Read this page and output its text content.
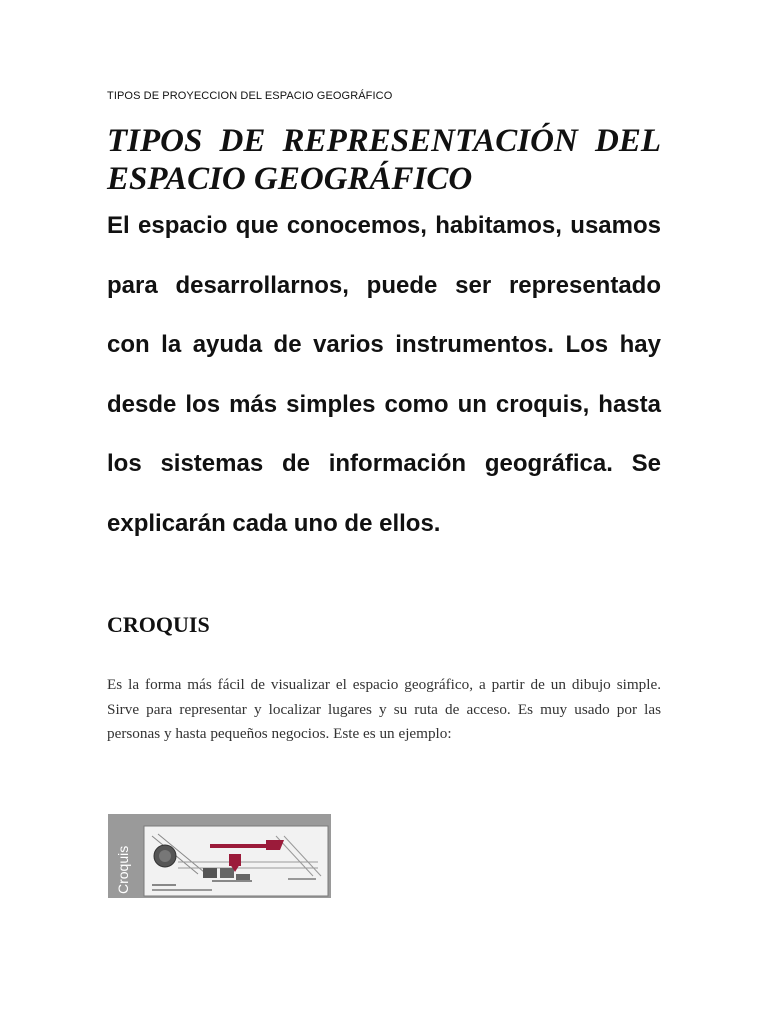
TIPOS DE PROYECCION DEL ESPACIO GEOGRÁFICO
TIPOS DE REPRESENTACIÓN DEL ESPACIO GEOGRÁFICO

El espacio que conocemos, habitamos, usamos para desarrollarnos, puede ser representado con la ayuda de varios instrumentos. Los hay desde los más simples como un croquis, hasta los sistemas de información geográfica. Se explicarán cada uno de ellos.

CROQUIS

Es la forma más fácil de visualizar el espacio geográfico, a partir de un dibujo simple. Sirve para representar y localizar lugares y su ruta de acceso. Es muy usado por las personas y hasta pequeños negocios. Este es un ejemplo:

Croquis
